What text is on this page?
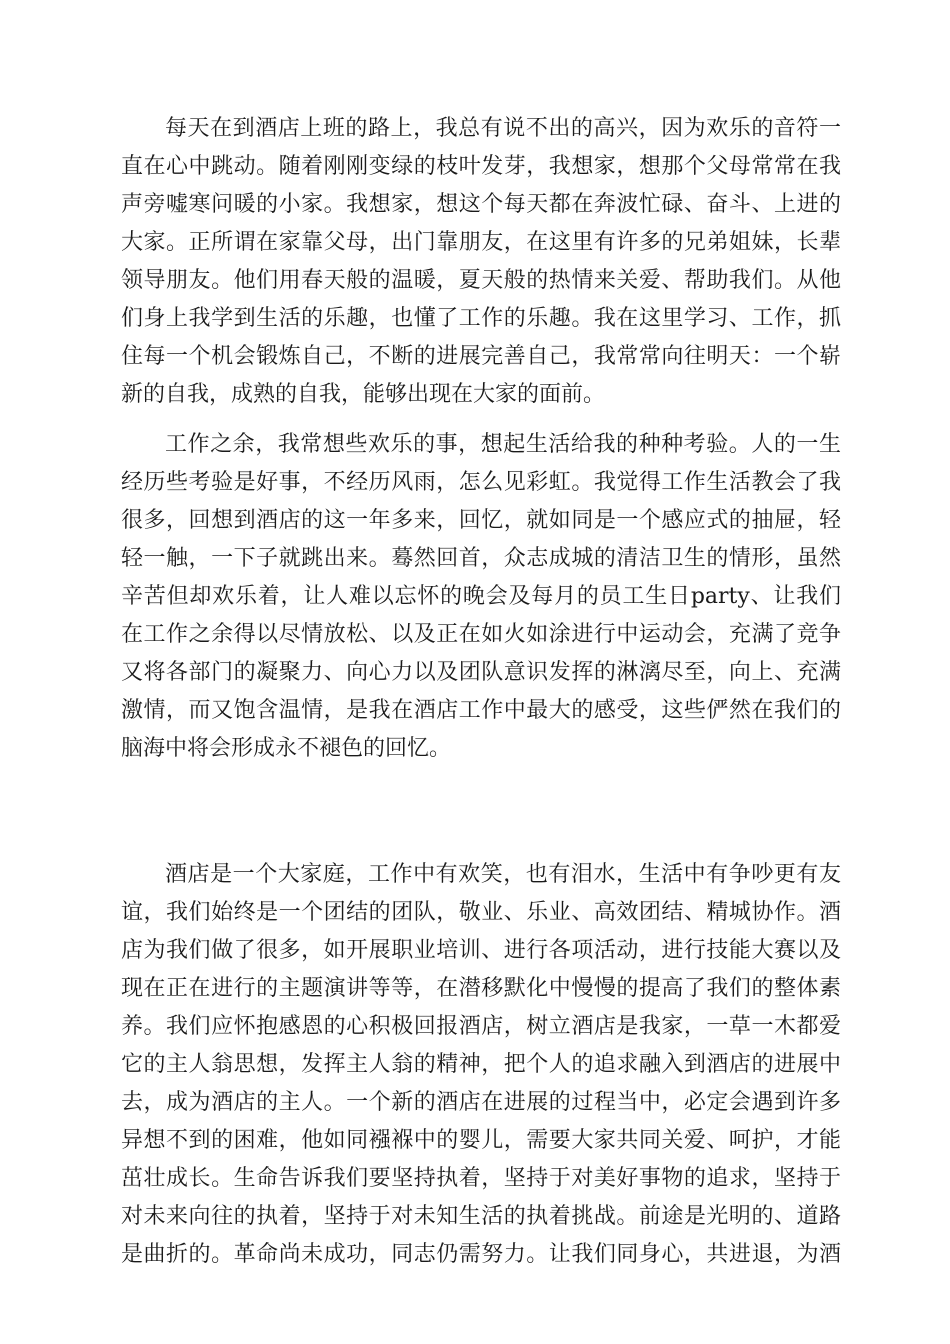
每天在到酒店上班的路上，我总有说不出的高兴，因为欢乐的音符一
直在心中跳动。随着刚刚变绿的枝叶发芽，我想家，想那个父母常常在我
声旁嘘寒问暖的小家。我想家，想这个每天都在奔波忙碌、奋斗、上进的
大家。正所谓在家靠父母，出门靠朋友，在这里有许多的兄弟姐妹，长辈
领导朋友。他们用春天般的温暖，夏天般的热情来关爱、帮助我们。从他
们身上我学到生活的乐趣，也懂了工作的乐趣。我在这里学习、工作，抓
住每一个机会锻炼自己，不断的进展完善自己，我常常向往明天：一个崭
新的自我，成熟的自我，能够出现在大家的面前。
工作之余，我常想些欢乐的事，想起生活给我的种种考验。人的一生
经历些考验是好事，不经历风雨，怎么见彩虹。我觉得工作生活教会了我
很多，回想到酒店的这一年多来，回忆，就如同是一个感应式的抽屉，轻
轻一触，一下子就跳出来。蓦然回首，众志成城的清洁卫生的情形，虽然
辛苦但却欢乐着，让人难以忘怀的晚会及每月的员工生日party、让我们
在工作之余得以尽情放松、以及正在如火如涂进行中运动会，充满了竞争
又将各部门的凝聚力、向心力以及团队意识发挥的淋漓尽至，向上、充满
激情，而又饱含温情，是我在酒店工作中最大的感受，这些俨然在我们的
脑海中将会形成永不褪色的回忆。
酒店是一个大家庭，工作中有欢笑，也有泪水，生活中有争吵更有友
谊，我们始终是一个团结的团队，敬业、乐业、高效团结、精城协作。酒
店为我们做了很多，如开展职业培训、进行各项活动，进行技能大赛以及
现在正在进行的主题演讲等等，在潜移默化中慢慢的提高了我们的整体素
养。我们应怀抱感恩的心积极回报酒店，树立酒店是我家，一草一木都爱
它的主人翁思想，发挥主人翁的精神，把个人的追求融入到酒店的进展中
去，成为酒店的主人。一个新的酒店在进展的过程当中，必定会遇到许多
异想不到的困难，他如同襁褓中的婴儿，需要大家共同关爱、呵护，才能
茁壮成长。生命告诉我们要坚持执着，坚持于对美好事物的追求，坚持于
对未来向往的执着，坚持于对未知生活的执着挑战。前途是光明的、道路
是曲折的。革命尚未成功，同志仍需努力。让我们同身心，共进退，为酒
